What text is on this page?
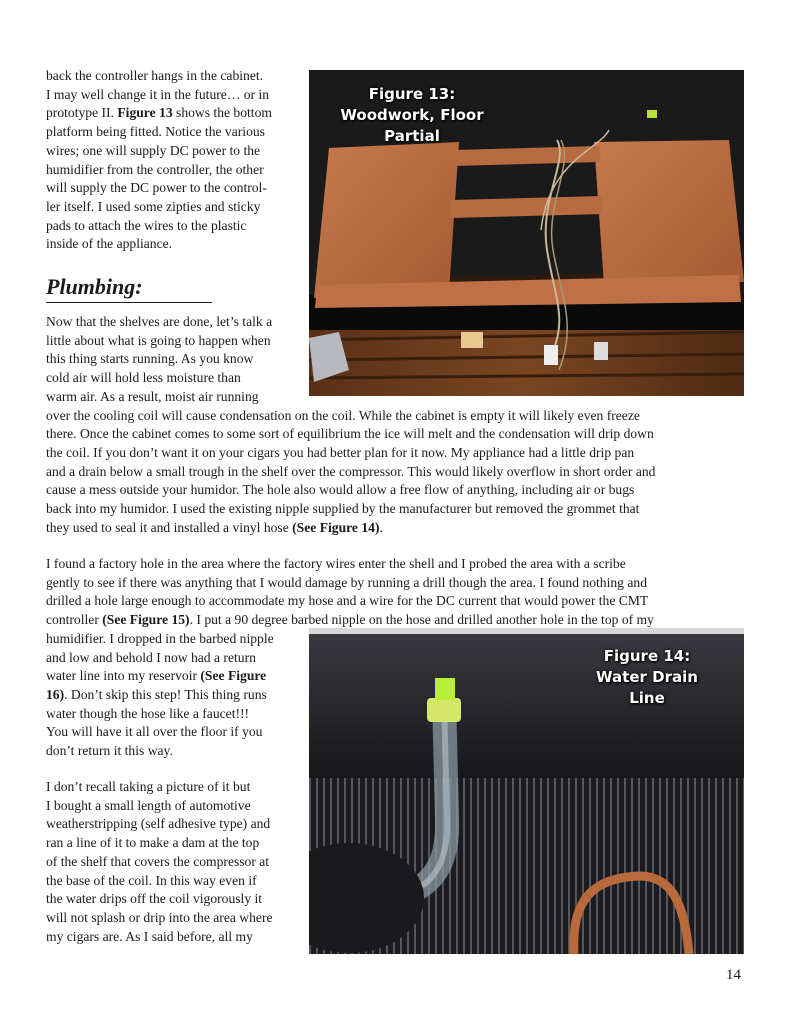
back the controller hangs in the cabinet.
I may well change it in the future… or in
prototype II. Figure 13 shows the bottom
platform being fitted. Notice the various
wires; one will supply DC power to the
humidifier from the controller, the other
will supply the DC power to the control-
ler itself. I used some zipties and sticky
pads to attach the wires to the plastic
inside of the appliance.
Plumbing:
Now that the shelves are done, let’s talk a
little about what is going to happen when
this thing starts running. As you know
cold air will hold less moisture than
warm air. As a result, moist air running
over the cooling coil will cause condensation on the coil. While the cabinet is empty it will likely even freeze
there. Once the cabinet comes to some sort of equilibrium the ice will melt and the condensation will drip down
the coil. If you don’t want it on your cigars you had better plan for it now. My appliance had a little drip pan
and a drain below a small trough in the shelf over the compressor. This would likely overflow in short order and
cause a mess outside your humidor. The hole also would allow a free flow of anything, including air or bugs
back into my humidor. I used the existing nipple supplied by the manufacturer but removed the grommet that
they used to seal it and installed a vinyl hose (See Figure 14).
I found a factory hole in the area where the factory wires enter the shell and I probed the area with a scribe
gently to see if there was anything that I would damage by running a drill though the area. I found nothing and
drilled a hole large enough to accommodate my hose and a wire for the DC current that would power the CMT
controller (See Figure 15). I put a 90 degree barbed nipple on the hose and drilled another hole in the top of my
humidifier. I dropped in the barbed nipple
and low and behold I now had a return
water line into my reservoir (See Figure
16). Don’t skip this step! This thing runs
water though the hose like a faucet!!!
You will have it all over the floor if you
don’t return it this way.
I don’t recall taking a picture of it but
I bought a small length of automotive
weatherstripping (self adhesive type) and
ran a line of it to make a dam at the top
of the shelf that covers the compressor at
the base of the coil. In this way even if
the water drips off the coil vigorously it
will not splash or drip into the area where
my cigars are. As I said before, all my
Figure 13:
Woodwork, Floor
Partial
Figure 14:
Water Drain Line
14
